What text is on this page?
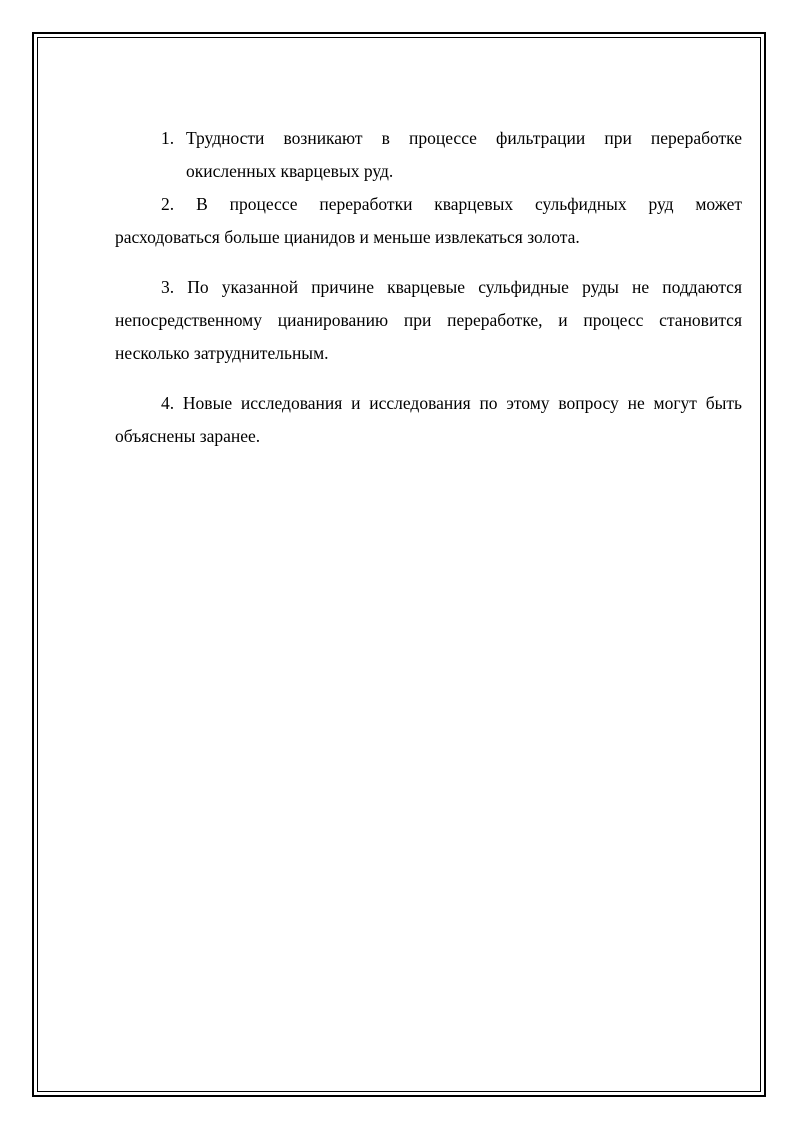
1. Трудности возникают в процессе фильтрации при переработке окисленных кварцевых руд.

2. В процессе переработки кварцевых сульфидных руд может расходоваться больше цианидов и меньше извлекаться золота.

3. По указанной причине кварцевые сульфидные руды не поддаются непосредственному цианированию при переработке, и процесс становится несколько затруднительным.

4. Новые исследования и исследования по этому вопросу не могут быть объяснены заранее.
